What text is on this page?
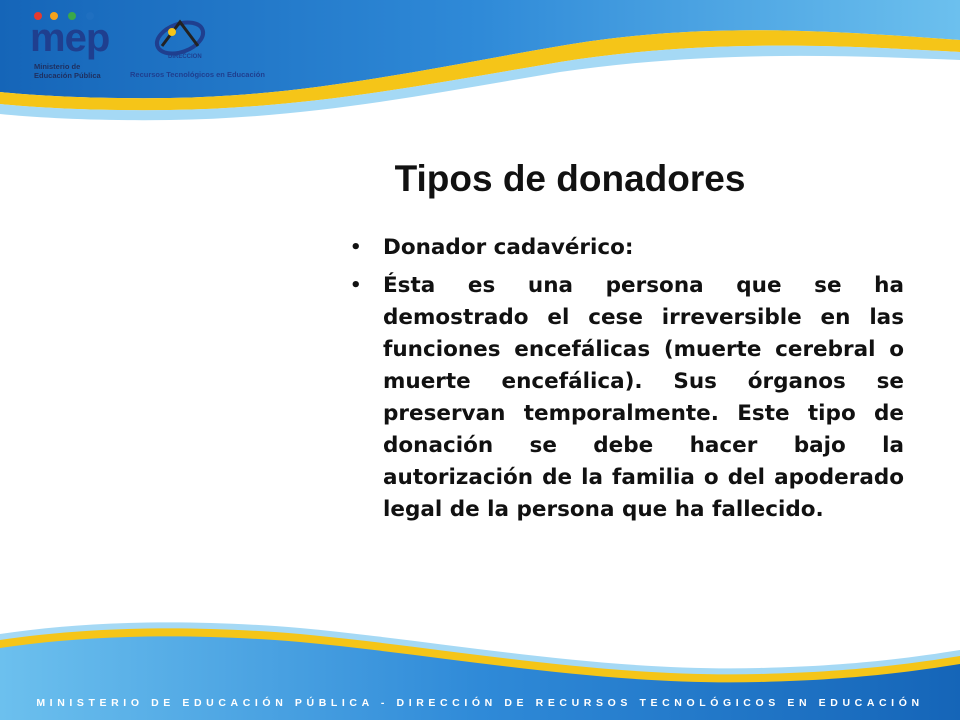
mep
Ministerio de
Educación Pública
DIRECCION
Recursos Tecnológicos en Educación
Tipos de donadores
• Donador cadavérico:
• Ésta es una persona que se ha demostrado el cese irreversible en las funciones encefálicas (muerte cerebral o muerte encefálica). Sus órganos se preservan temporalmente. Este tipo de donación se debe hacer bajo la autorización de la familia o del apoderado legal de la persona que ha fallecido.
MINISTERIO DE EDUCACIÓN PÚBLICA - DIRECCIÓN DE RECURSOS TECNOLÓGICOS EN EDUCACIÓN
